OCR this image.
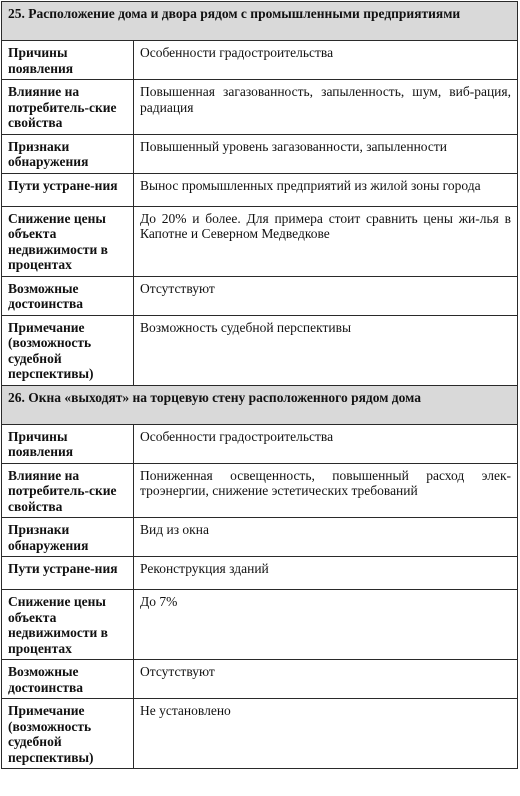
25. Расположение дома и двора рядом с промышленными предприятиями	
Причины появления	Особенности градостроительства
Влияние на потребитель-ские свойства	Повышенная загазованность, запыленность, шум, виб-рация, радиация
Признаки обнаружения	Повышенный уровень загазованности, запыленности
Пути устране-ния	Вынос промышленных предприятий из жилой зоны города
Снижение цены объекта недвижимости в процентах	До 20% и более. Для примера стоит сравнить цены жи-лья в Капотне и Северном Медведкове
Возможные достоинства	Отсутствуют
Примечание (возможность судебной перспективы)	Возможность судебной перспективы
26. Окна «выходят» на торцевую стену расположенного рядом дома	
Причины появления	Особенности градостроительства
Влияние на потребитель-ские свойства	Пониженная освещенность, повышенный расход элек-троэнергии, снижение эстетических требований
Признаки обнаружения	Вид из окна
Пути устране-ния	Реконструкция зданий
Снижение цены объекта недвижимости в процентах	До 7%
Возможные достоинства	Отсутствуют
Примечание (возможность судебной перспективы)	Не установлено
